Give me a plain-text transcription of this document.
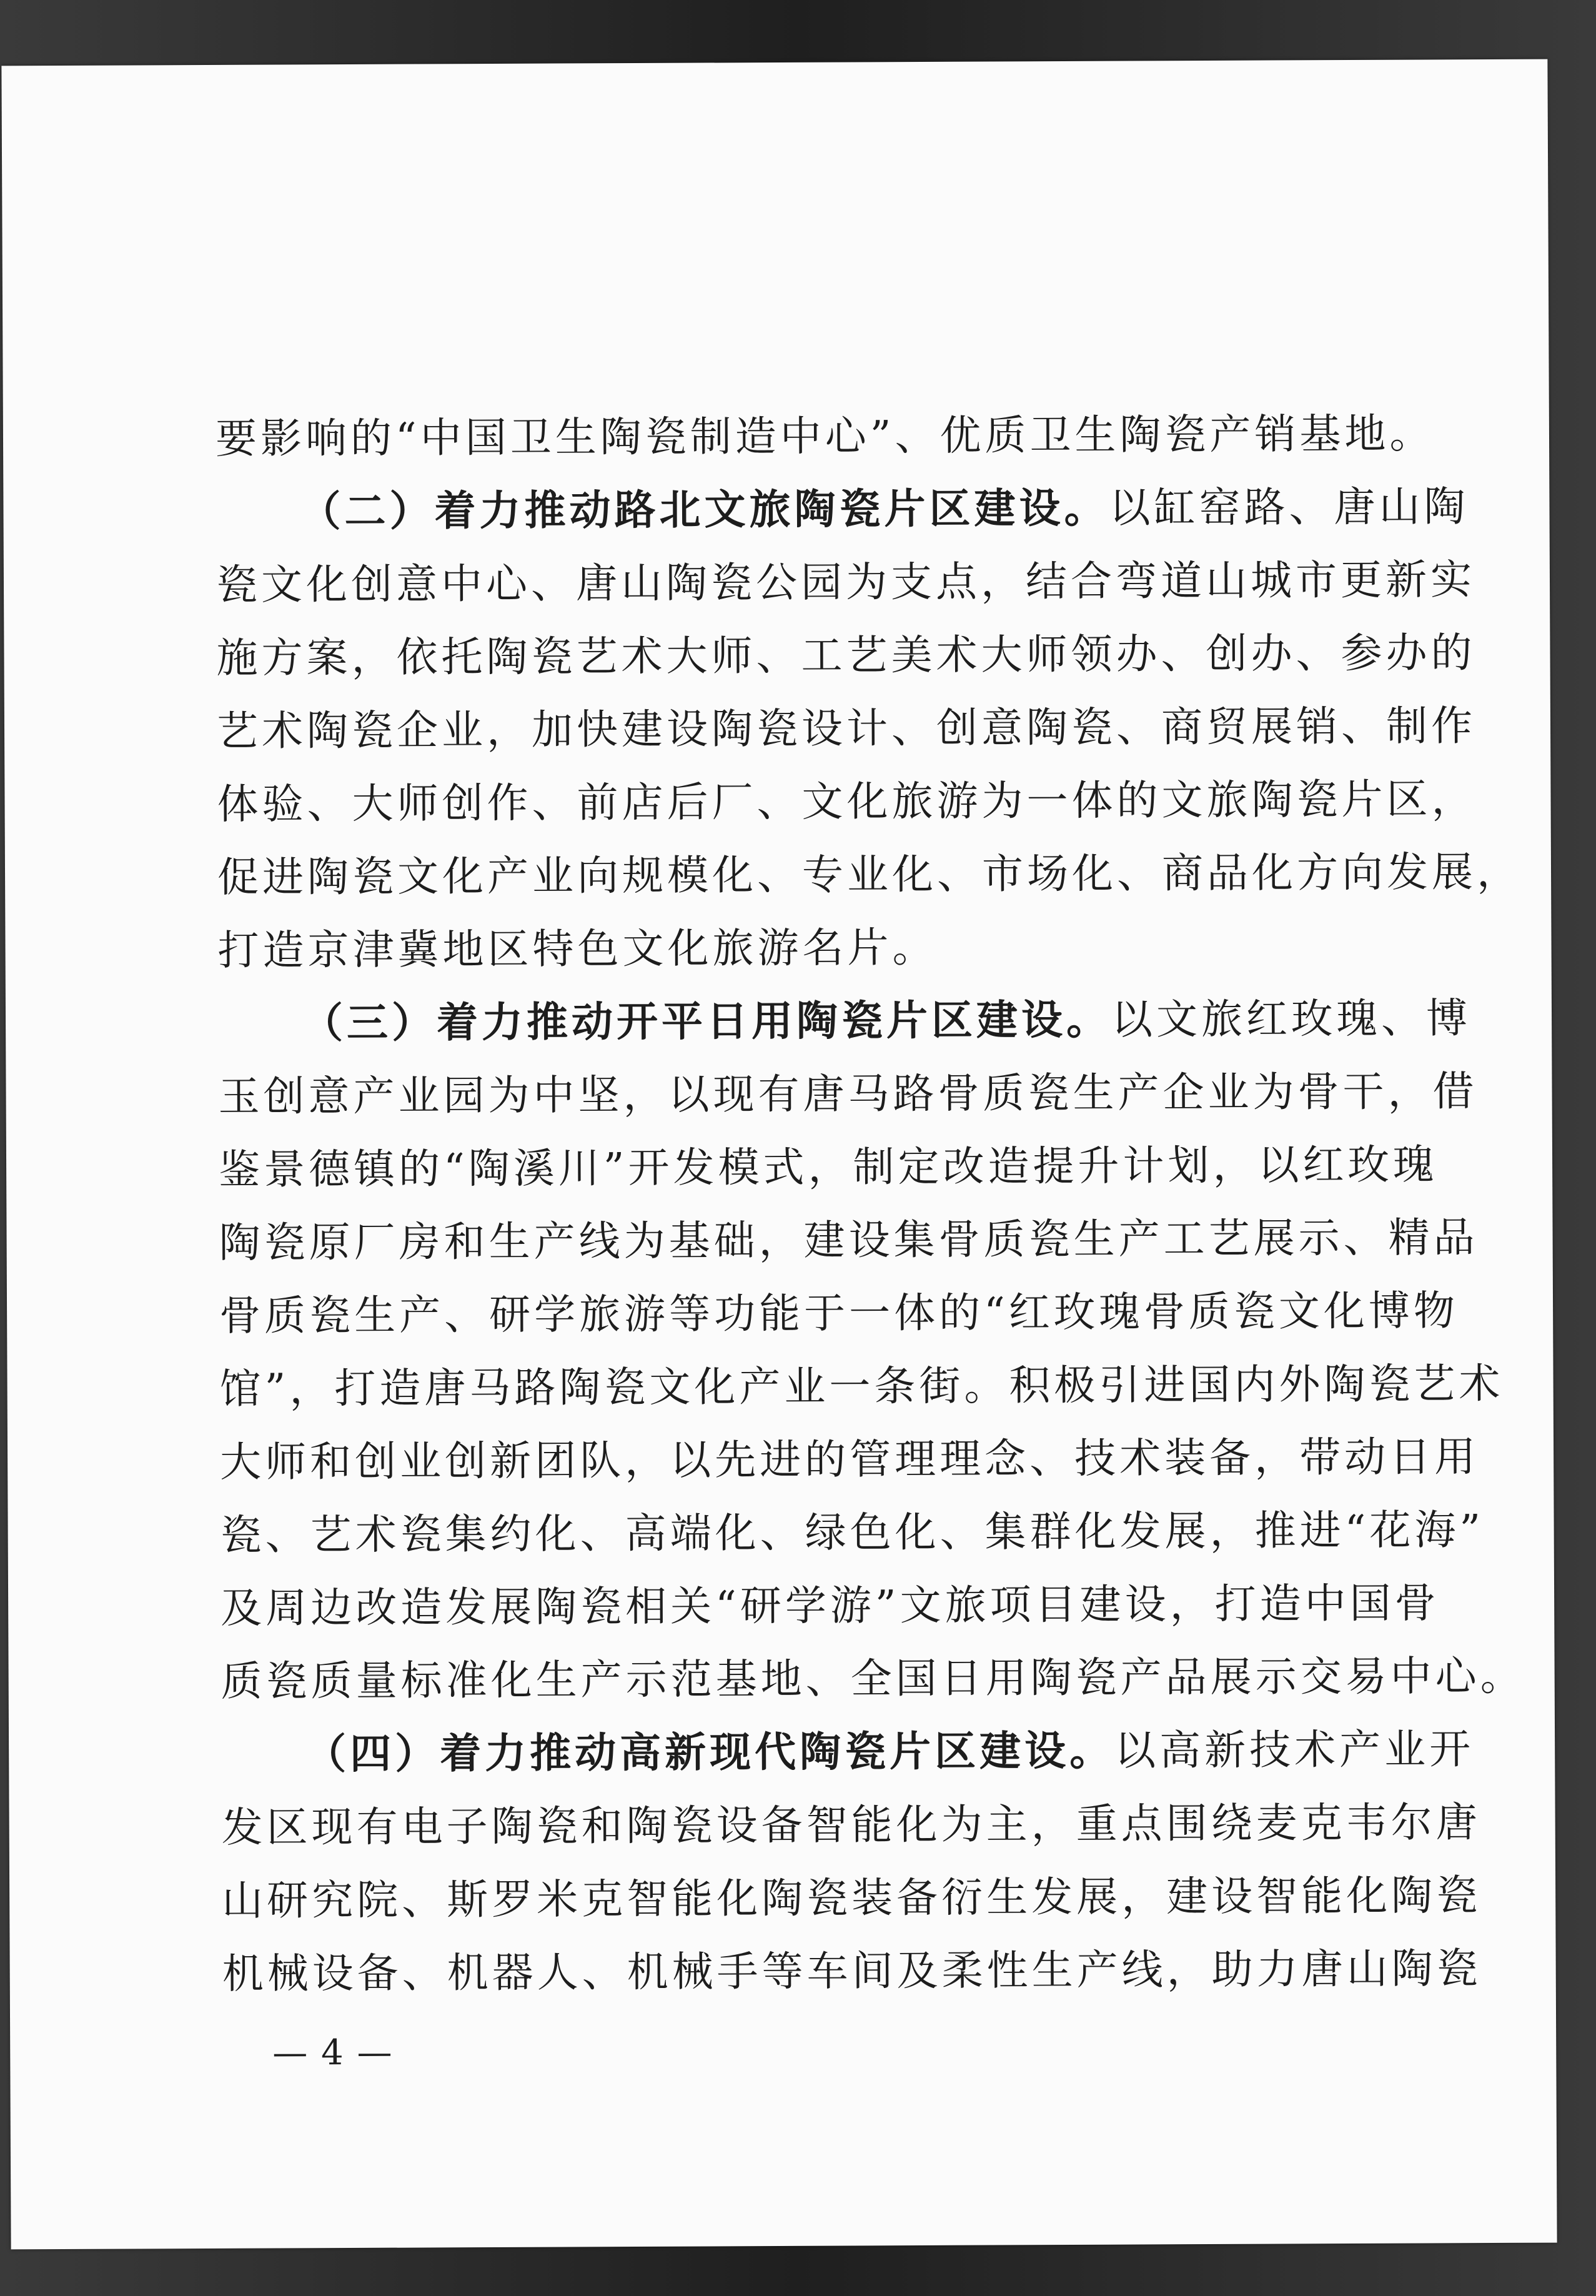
要影响的“中国卫生陶瓷制造中心”、优质卫生陶瓷产销基地。
（二）着力推动路北文旅陶瓷片区建设。以缸窑路、唐山陶
瓷文化创意中心、唐山陶瓷公园为支点，结合弯道山城市更新实
施方案，依托陶瓷艺术大师、工艺美术大师领办、创办、参办的
艺术陶瓷企业，加快建设陶瓷设计、创意陶瓷、商贸展销、制作
体验、大师创作、前店后厂、文化旅游为一体的文旅陶瓷片区，
促进陶瓷文化产业向规模化、专业化、市场化、商品化方向发展，
打造京津冀地区特色文化旅游名片。
（三）着力推动开平日用陶瓷片区建设。以文旅红玫瑰、博
玉创意产业园为中坚，以现有唐马路骨质瓷生产企业为骨干，借
鉴景德镇的“陶溪川”开发模式，制定改造提升计划，以红玫瑰
陶瓷原厂房和生产线为基础，建设集骨质瓷生产工艺展示、精品
骨质瓷生产、研学旅游等功能于一体的“红玫瑰骨质瓷文化博物
馆”，打造唐马路陶瓷文化产业一条街。积极引进国内外陶瓷艺术
大师和创业创新团队，以先进的管理理念、技术装备，带动日用
瓷、艺术瓷集约化、高端化、绿色化、集群化发展，推进“花海”
及周边改造发展陶瓷相关“研学游”文旅项目建设，打造中国骨
质瓷质量标准化生产示范基地、全国日用陶瓷产品展示交易中心。
（四）着力推动高新现代陶瓷片区建设。以高新技术产业开
发区现有电子陶瓷和陶瓷设备智能化为主，重点围绕麦克韦尔唐
山研究院、斯罗米克智能化陶瓷装备衍生发展，建设智能化陶瓷
机械设备、机器人、机械手等车间及柔性生产线，助力唐山陶瓷
— 4 —
